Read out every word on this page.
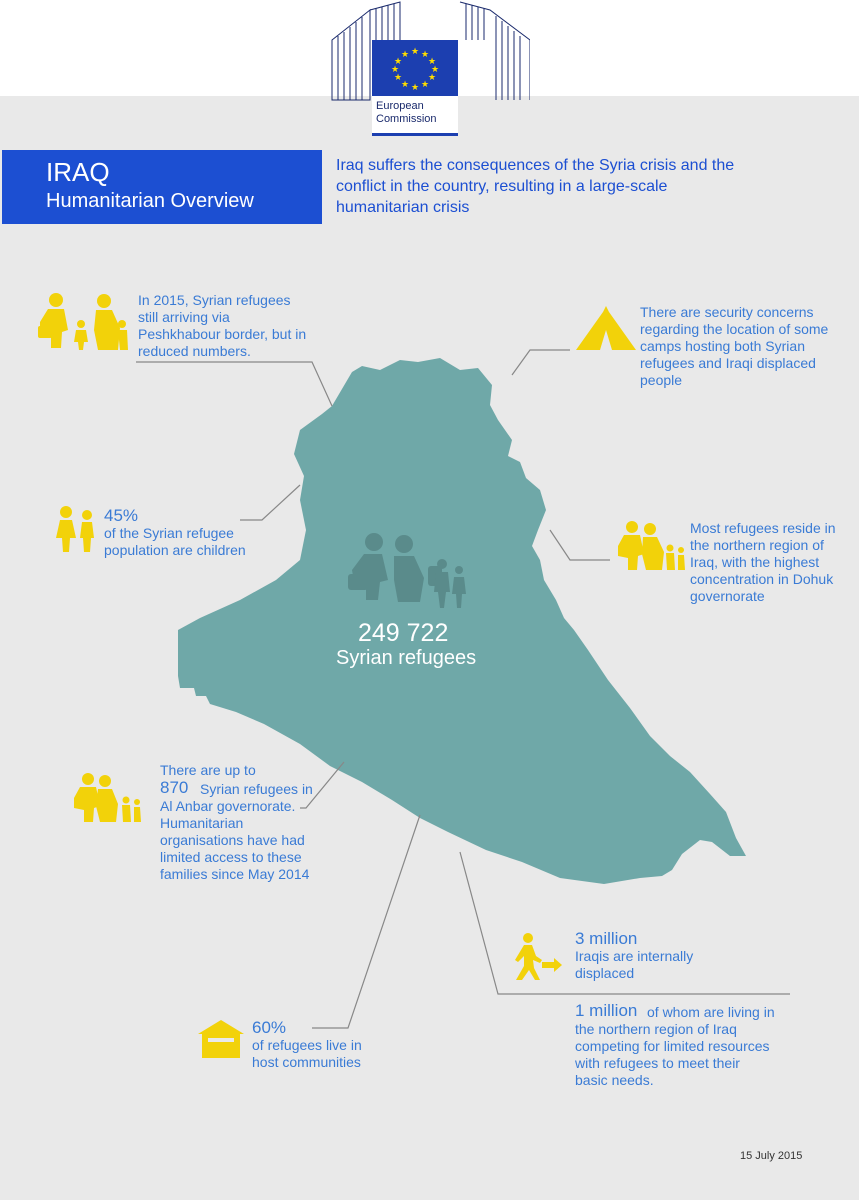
★ ★
★
★
★
★
★
★
★
★
★
★
European
Commission
IRAQ
Humanitarian Overview
Iraq suffers the consequences of the Syria crisis and the conflict in the country, resulting in a large-scale humanitarian crisis
249 722
Syrian refugees
In 2015, Syrian refugees still arriving via Peshkhabour border, but in reduced numbers.
There are security concerns regarding the location of some camps hosting both Syrian refugees and Iraqi displaced people
45%
of the Syrian refugee population are children
Most refugees reside in the northern region of Iraq, with the highest concentration in Dohuk governorate
There are up to
870 Syrian refugees in Al Anbar governorate. Humanitarian organisations have had limited access to these families since May 2014
3 million
Iraqis are internally displaced
1 million of whom are living in the northern region of Iraq competing for limited resources with refugees to meet their basic needs.
60%
of refugees live in host communities
15 July 2015
